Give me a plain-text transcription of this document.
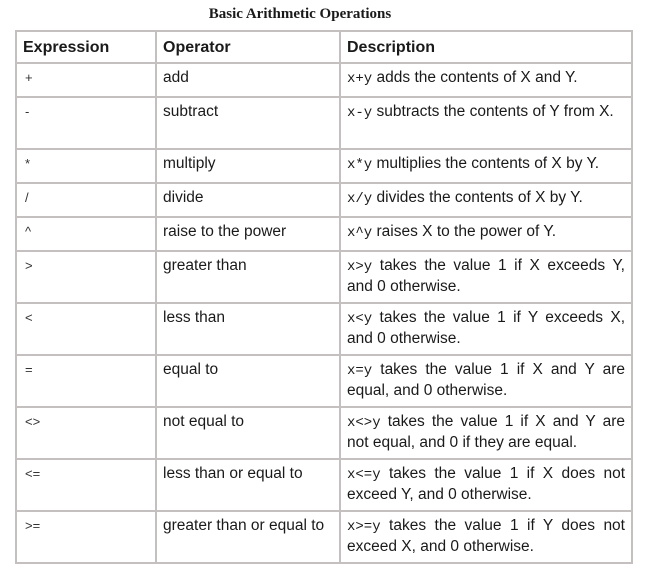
Basic Arithmetic Operations
Expression	Operator	Description
+	add	x+y adds the contents of X and Y.
-	subtract	x-y subtracts the contents of Y from X.
*	multiply	x*y multiplies the contents of X by Y.
/	divide	x/y divides the contents of X by Y.
^	raise to the power	x^y raises X to the power of Y.
>	greater than	x>y takes the value 1 if X exceeds Y, and 0 otherwise.
<	less than	x<y takes the value 1 if Y exceeds X, and 0 otherwise.
=	equal to	x=y takes the value 1 if X and Y are equal, and 0 otherwise.
<>	not equal to	x<>y takes the value 1 if X and Y are not equal, and 0 if they are equal.
<=	less than or equal to	x<=y takes the value 1 if X does not exceed Y, and 0 otherwise.
>=	greater than or equal to	x>=y takes the value 1 if Y does not exceed X, and 0 otherwise.
